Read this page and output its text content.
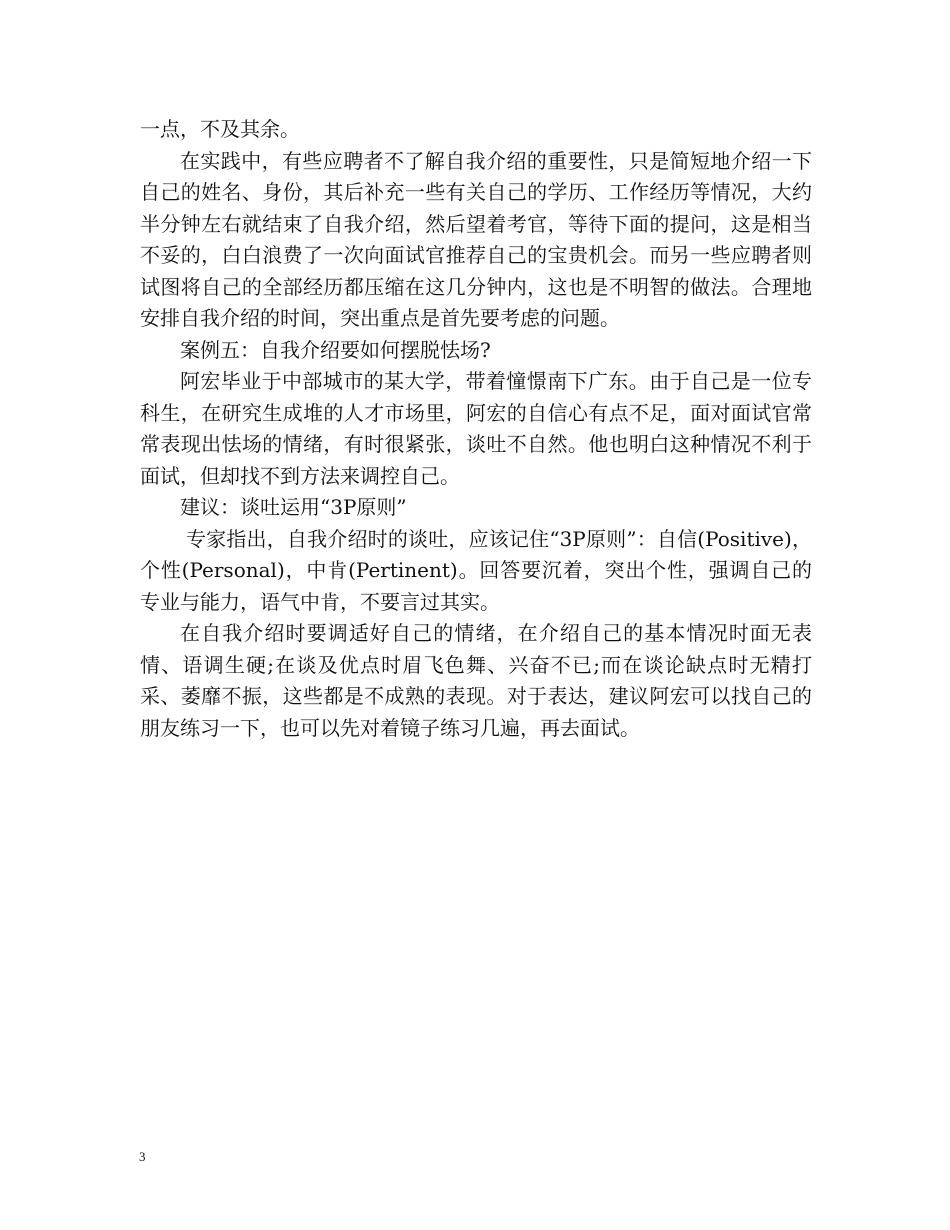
一点，不及其余。

在实践中，有些应聘者不了解自我介绍的重要性，只是简短地介绍一下自己的姓名、身份，其后补充一些有关自己的学历、工作经历等情况，大约半分钟左右就结束了自我介绍，然后望着考官，等待下面的提问，这是相当不妥的，白白浪费了一次向面试官推荐自己的宝贵机会。而另一些应聘者则试图将自己的全部经历都压缩在这几分钟内，这也是不明智的做法。合理地安排自我介绍的时间，突出重点是首先要考虑的问题。

案例五：自我介绍要如何摆脱怯场?

阿宏毕业于中部城市的某大学，带着憧憬南下广东。由于自己是一位专科生，在研究生成堆的人才市场里，阿宏的自信心有点不足，面对面试官常常表现出怯场的情绪，有时很紧张，谈吐不自然。他也明白这种情况不利于面试，但却找不到方法来调控自己。

建议：谈吐运用“3P原则”

专家指出，自我介绍时的谈吐，应该记住“3P原则”：自信(Positive)，个性(Personal)，中肯(Pertinent)。回答要沉着，突出个性，强调自己的专业与能力，语气中肯，不要言过其实。

在自我介绍时要调适好自己的情绪，在介绍自己的基本情况时面无表情、语调生硬;在谈及优点时眉飞色舞、兴奋不已;而在谈论缺点时无精打采、萎靡不振，这些都是不成熟的表现。对于表达，建议阿宏可以找自己的朋友练习一下，也可以先对着镜子练习几遍，再去面试。

3
